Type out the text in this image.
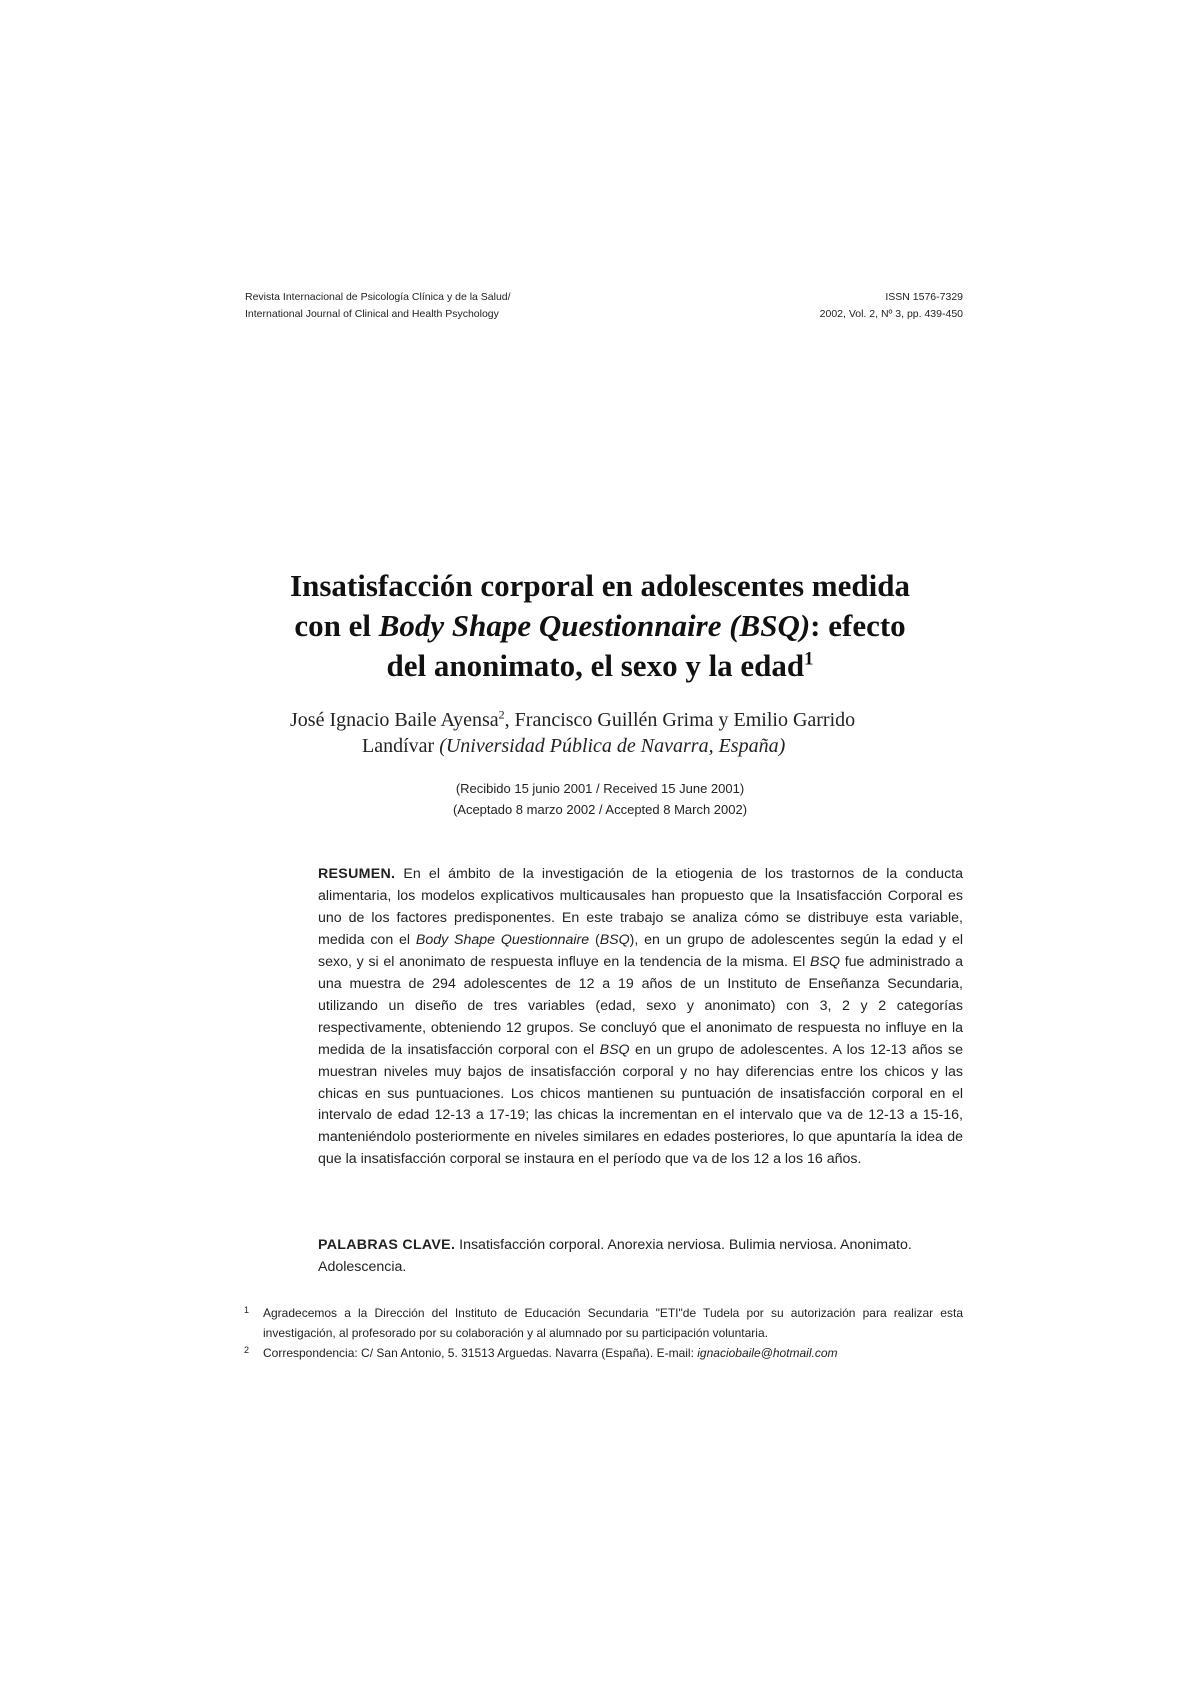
Revista Internacional de Psicología Clínica y de la Salud/
International Journal of Clinical and Health Psychology
ISSN 1576-7329
2002, Vol. 2, Nº 3, pp. 439-450
Insatisfacción corporal en adolescentes medida
con el Body Shape Questionnaire (BSQ): efecto
del anonimato, el sexo y la edad$^1$
José Ignacio Baile Ayensa$^2$, Francisco Guillén Grima y Emilio Garrido
Landívar (Universidad Pública de Navarra, España)
(Recibido 15 junio 2001 / Received 15 June 2001)
(Aceptado 8 marzo 2002 / Accepted 8 March 2002)
RESUMEN. En el ámbito de la investigación de la etiogenia de los trastornos de la conducta alimentaria, los modelos explicativos multicausales han propuesto que la Insatisfacción Corporal es uno de los factores predisponentes. En este trabajo se analiza cómo se distribuye esta variable, medida con el Body Shape Questionnaire (BSQ), en un grupo de adolescentes según la edad y el sexo, y si el anonimato de respuesta influye en la tendencia de la misma. El BSQ fue administrado a una muestra de 294 adolescentes de 12 a 19 años de un Instituto de Enseñanza Secundaria, utilizando un diseño de tres variables (edad, sexo y anonimato) con 3, 2 y 2 categorías respectivamente, obteniendo 12 grupos. Se concluyó que el anonimato de respuesta no influye en la medida de la insatisfacción corporal con el BSQ en un grupo de adolescentes. A los 12-13 años se muestran niveles muy bajos de insatisfacción corporal y no hay diferencias entre los chicos y las chicas en sus puntuaciones. Los chicos mantienen su puntuación de insatisfacción corporal en el intervalo de edad 12-13 a 17-19; las chicas la incrementan en el intervalo que va de 12-13 a 15-16, manteniéndolo posteriormente en niveles similares en edades posteriores, lo que apuntaría la idea de que la insatisfacción corporal se instaura en el período que va de los 12 a los 16 años.
PALABRAS CLAVE. Insatisfacción corporal. Anorexia nerviosa. Bulimia nerviosa. Anonimato. Adolescencia.
1 Agradecemos a la Dirección del Instituto de Educación Secundaria "ETI"de Tudela por su autorización para realizar esta investigación, al profesorado por su colaboración y al alumnado por su participación voluntaria.
2 Correspondencia: C/ San Antonio, 5. 31513 Arguedas. Navarra (España). E-mail: ignaciobaile@hotmail.com
